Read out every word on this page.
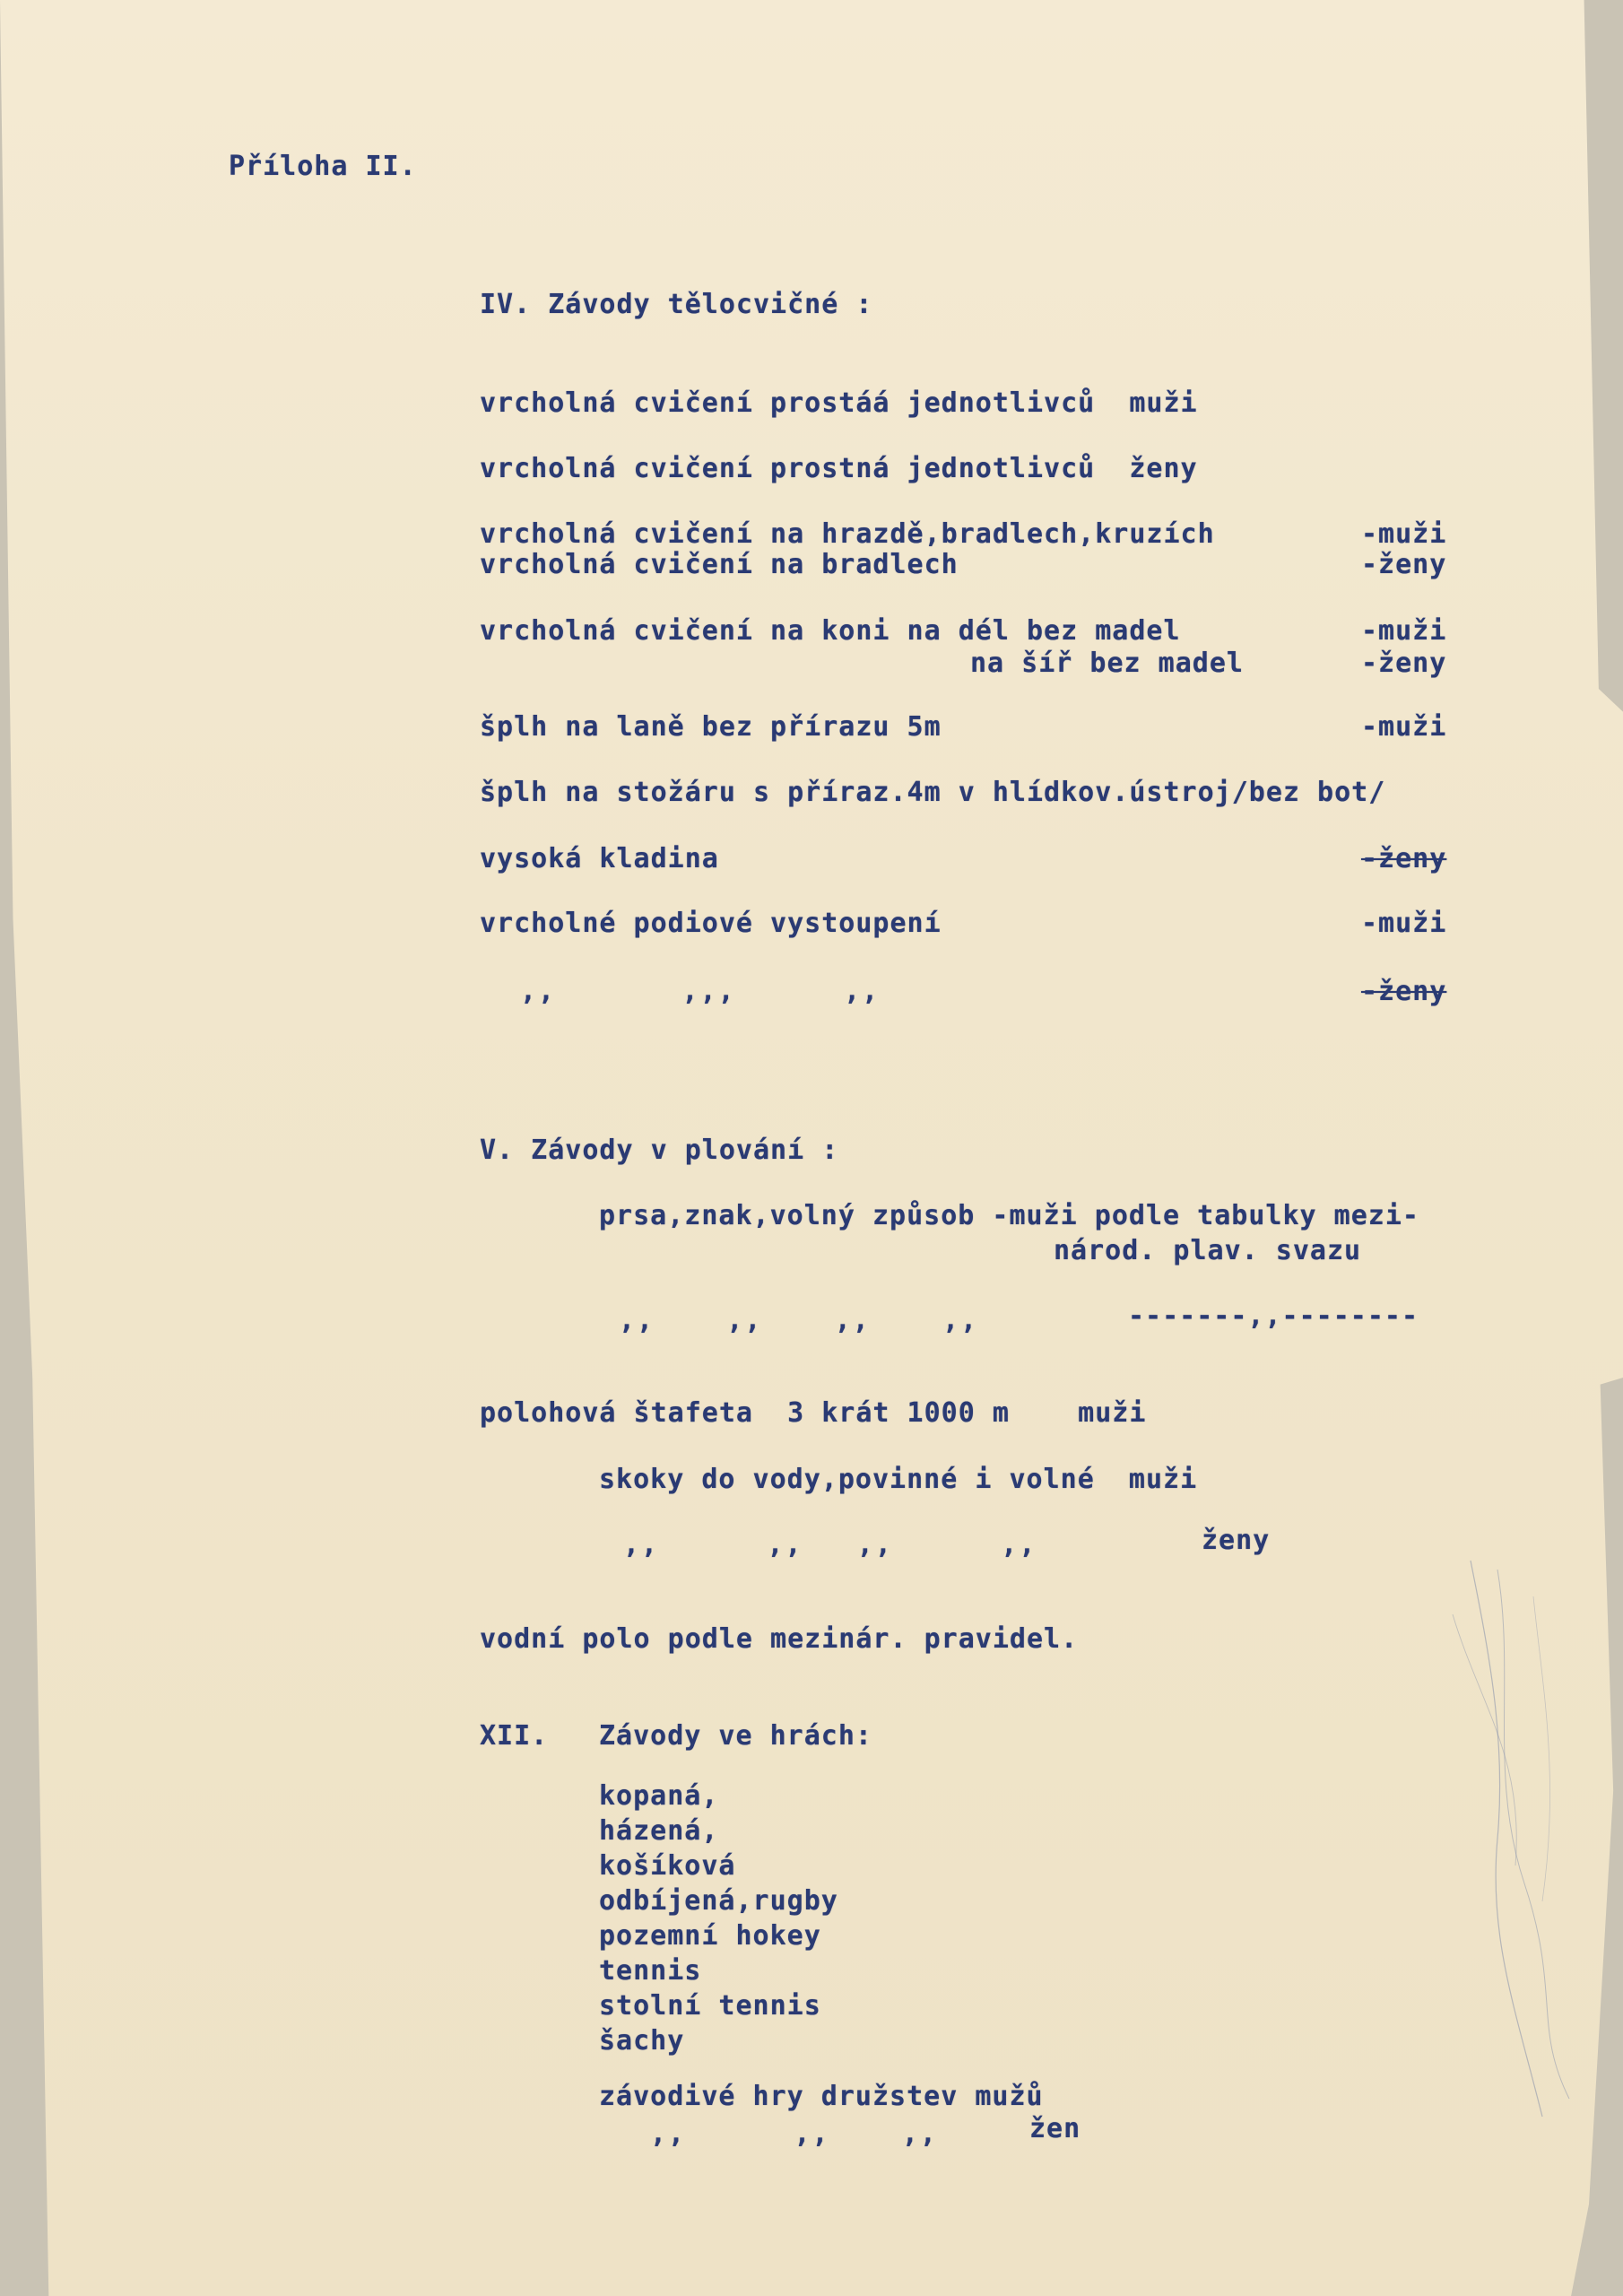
Příloha II.
IV. Závody tělocvičné :
vrcholná cvičení prostáá jednotlivců  muži
vrcholná cvičení prostná jednotlivců  ženy
vrcholná cvičení na hrazdě,bradlech,kruzích	-muži
vrcholná cvičení na bradlech	-ženy
vrcholná cvičení na koni na dél bez madel	-muži
na šíř bez madel	-ženy
šplh na laně bez přírazu 5m	-muži
šplh na stožáru s příraz.4m v hlídkov.ústroj/bez bot/
vysoká kladina	-ženy
vrcholné podiové vystoupení	-muži
,,       ,,,      ,,	-ženy
V. Závody v plování :
prsa,znak,volný způsob -muži podle tabulky mezi-
národ. plav. svazu
,,    ,,    ,,    ,,	-------,,--------
polohová štafeta  3 krát 1000 m    muži
skoky do vody,povinné i volné  muži
,,      ,,   ,,      ,,	ženy
vodní polo podle mezinár. pravidel.
XII. Závody ve hrách:
kopaná,
házená,
košíková
odbíjená,rugby
pozemní hokey
tennis
stolní tennis
šachy
závodivé hry družstev mužů
,,      ,,    ,,	žen
